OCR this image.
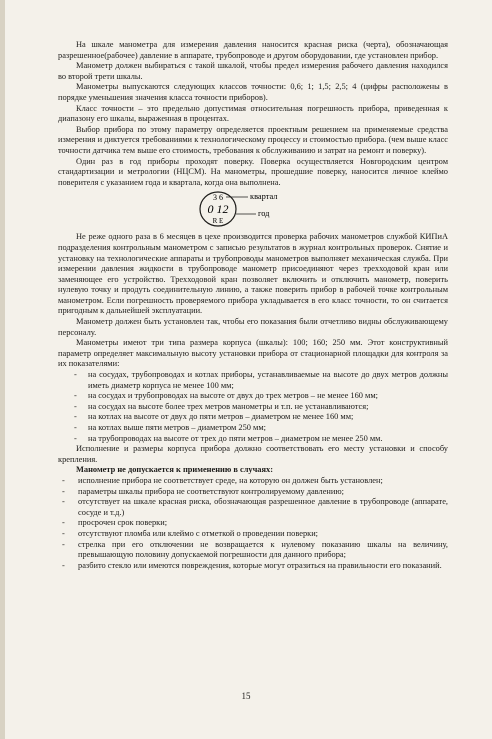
На шкале манометра для измерения давления наносится красная риска (черта), обозначающая разрешенное(рабочее) давление в аппарате, трубопроводе и другом оборудовании, где установлен прибор.

Манометр должен выбираться с такой шкалой, чтобы предел измерения рабочего давления находился во второй трети шкалы.

Манометры выпускаются следующих классов точности: 0,6; 1; 1,5; 2,5; 4 (цифры расположены в порядке уменьшения значения класса точности приборов).

Класс точности – это предельно допустимая относительная погрешность прибора, приведенная к диапазону его шкалы, выраженная в процентах.

Выбор прибора по этому параметру определяется проектным решением на применяемые средства измерения и диктуется требованиями к технологическому процессу и стоимостью прибора. (чем выше класс точности датчика тем выше его стоимость, требования к обслуживанию и затрат на ремонт и поверку).

Один раз в год приборы проходят поверку. Поверка осуществляется Новгородским центром стандартизации и метрологии (НЦСМ). На манометры, прошедшие поверку, наносится личное клеймо поверителя с указанием года и квартала, когда она выполнена.

3 6
0 12
R E
квартал
год

Не реже одного раза в 6 месяцев в цехе производится проверка рабочих манометров службой КИПиА подразделения контрольным манометром с записью результатов в журнал контрольных проверок. Снятие и установку на технологические аппараты и трубопроводы манометров выполняет механическая служба. При измерении давления жидкости в трубопроводе манометр присоединяют через трехходовой кран или заменяющее его устройство. Трехходовой кран позволяет включить и отключить манометр, поверить нулевую точку и продуть соединительную линию, а также поверить прибор в рабочей точке контрольным манометром. Если погрешность проверяемого прибора укладывается в его класс точности, то он считается пригодным к дальнейшей эксплуатации.

Манометр должен быть установлен так, чтобы его показания были отчетливо видны обслуживающему персоналу.

Манометры имеют три типа размера корпуса (шкалы): 100; 160; 250 мм. Этот конструктивный параметр определяет максимальную высоту установки прибора от стационарной площадки для контроля за их показателями:

- на сосудах, трубопроводах и котлах приборы, устанавливаемые на высоте до двух метров должны иметь диаметр корпуса не менее 100 мм;
- на сосудах и трубопроводах на высоте от двух до трех метров – не менее 160 мм;
- на сосудах на высоте более трех метров манометры и т.п. не устанавливаются;
- на котлах на высоте от двух до пяти метров – диаметром не менее 160 мм;
- на котлах выше пяти метров – диаметром 250 мм;
- на трубопроводах на высоте от трех до пяти метров – диаметром не менее 250 мм.

Исполнение и размеры корпуса прибора должно соответствовать его месту установки и способу крепления.

Манометр не допускается к применению в случаях:

- исполнение прибора не соответствует среде, на которую он должен быть установлен;
- параметры шкалы прибора не соответствуют контролируемому давлению;
- отсутствует на шкале красная риска, обозначающая разрешенное давление в трубопроводе (аппарате, сосуде и т.д.)
- просрочен срок поверки;
- отсутствуют пломба или клеймо с отметкой о проведении поверки;
- стрелка при его отключении не возвращается к нулевому показанию шкалы на величину, превышающую половину допускаемой погрешности для данного прибора;
- разбито стекло или имеются повреждения, которые могут отразиться на правильности его показаний.
15
